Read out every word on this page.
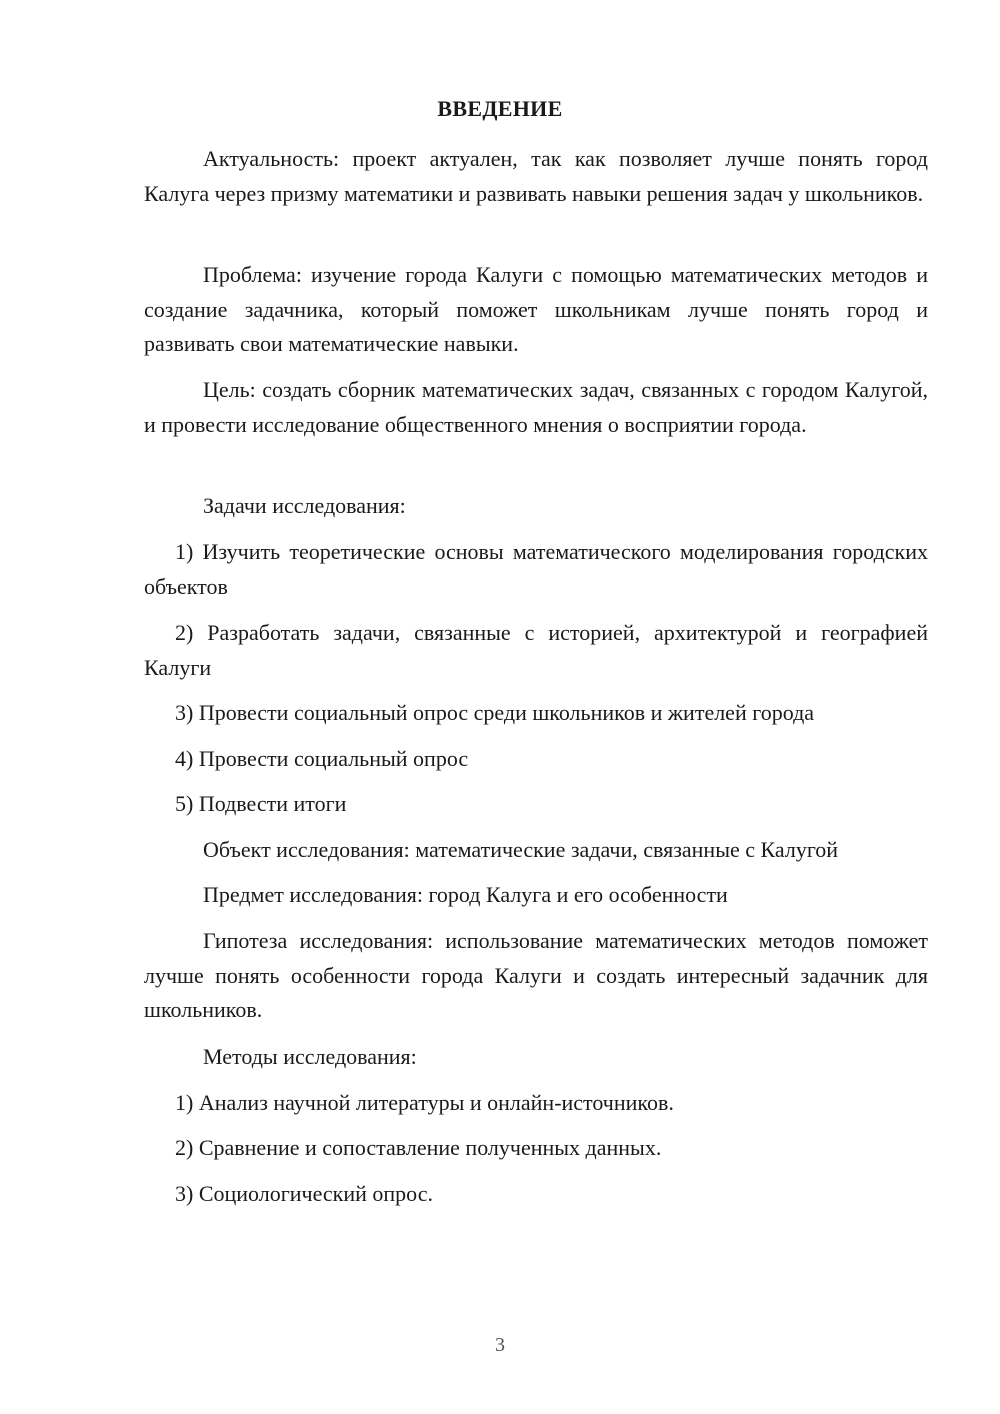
ВВЕДЕНИЕ
Актуальность: проект актуален, так как позволяет лучше понять город Калуга через призму математики и развивать навыки решения задач у школьников.
Проблема: изучение города Калуги с помощью математических методов и создание задачника, который поможет школьникам лучше понять город и развивать свои математические навыки.
Цель: создать сборник математических задач, связанных с городом Калугой, и провести исследование общественного мнения о восприятии города.
Задачи исследования:
1) Изучить теоретические основы математического моделирования городских объектов
2) Разработать задачи, связанные с историей, архитектурой и географией Калуги
3) Провести социальный опрос среди школьников и жителей города
4) Провести социальный опрос
5) Подвести итоги
Объект исследования: математические задачи, связанные с Калугой
Предмет исследования: город Калуга и его особенности
Гипотеза исследования: использование математических методов поможет лучше понять особенности города Калуги и создать интересный задачник для школьников.
Методы исследования:
1) Анализ научной литературы и онлайн-источников.
2) Сравнение и сопоставление полученных данных.
3) Социологический опрос.
3
